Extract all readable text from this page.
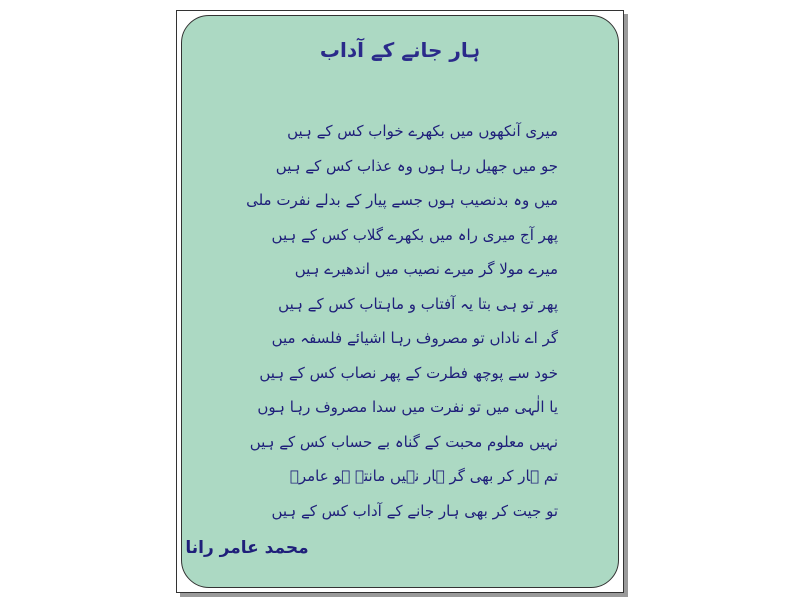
ہار جانے کے آداب
میری آنکھوں میں بکھرے خواب کس کے ہیں
جو میں جھیل رہا ہوں وہ عذاب کس کے ہیں
میں وہ بدنصیب ہوں جسے پیار کے بدلے نفرت ملی
پھر آج میری راہ میں بکھرے گلاب کس کے ہیں
میرے مولا گر میرے نصیب میں اندھیرے ہیں
پھر تو ہی بتا یہ آفتاب و ماہتاب کس کے ہیں
گر اے ناداں تو مصروف رہا اشیائے فلسفہ میں
خود سے پوچھ فطرت کے پھر نصاب کس کے ہیں
یا الٰہی میں تو نفرت میں سدا مصروف رہا ہوں
نہیں معلوم محبت کے گناہ بے حساب کس کے ہیں
تم ہار کر بھی گر ہار نہیں مانتے ہو عامرؔ
تو جیت کر بھی ہار جانے کے آداب کس کے ہیں
محمد عامر رانا
